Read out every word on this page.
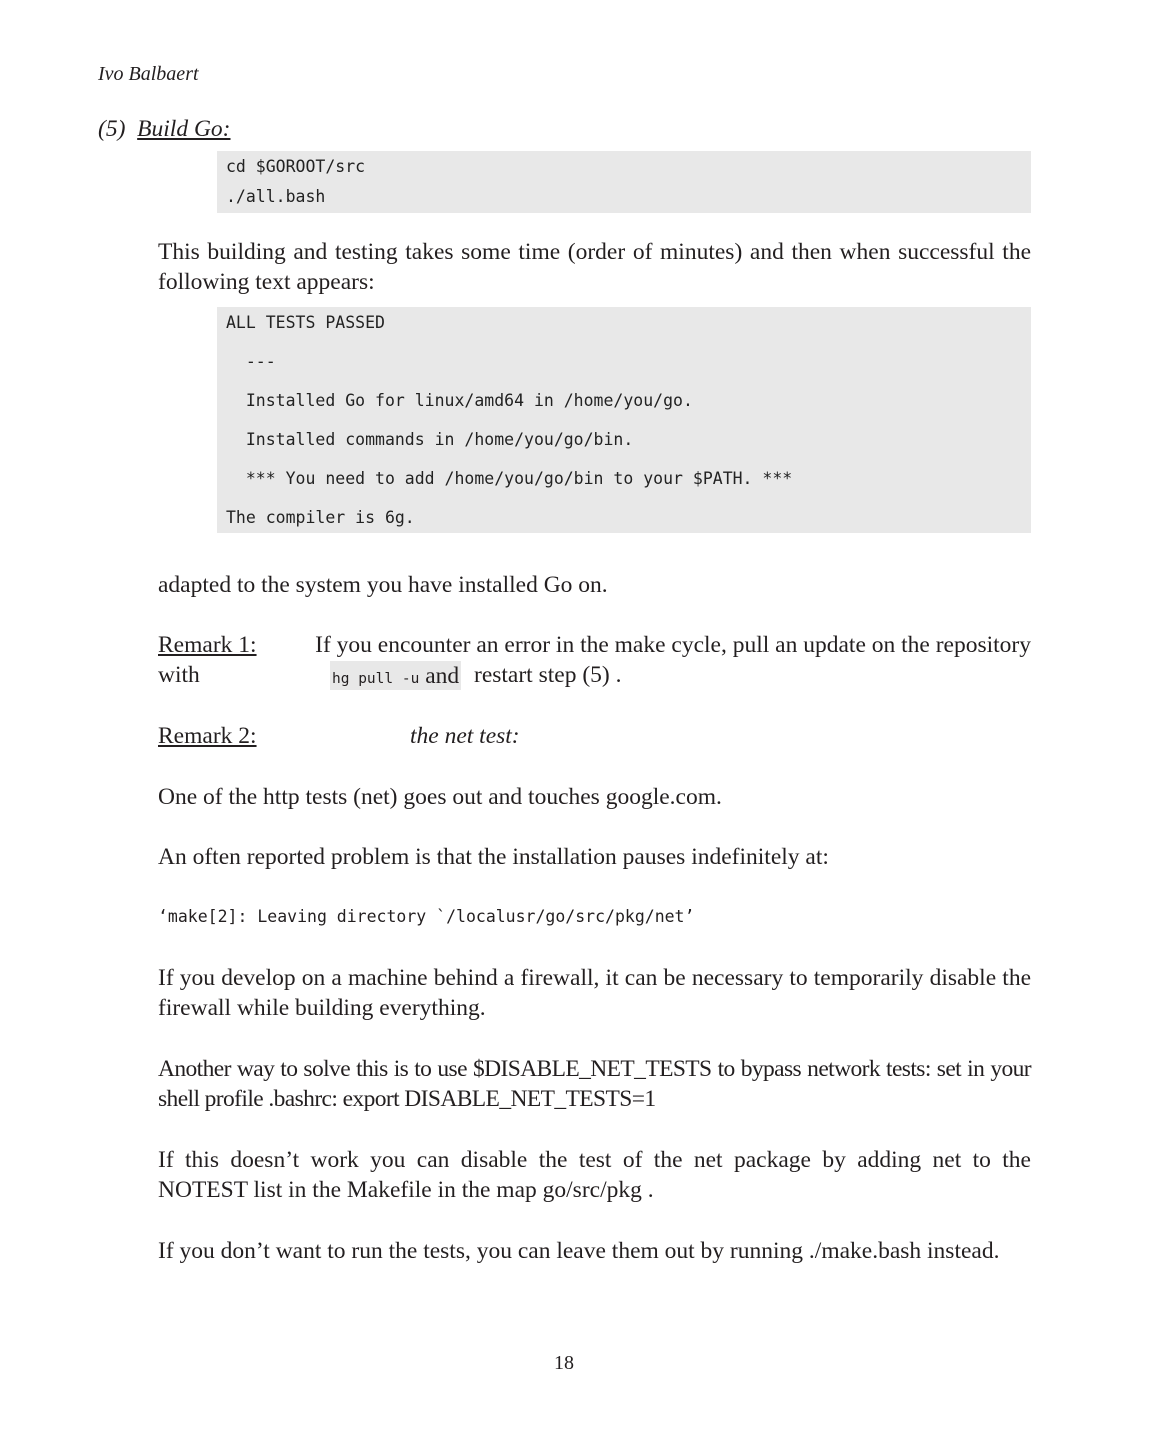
Ivo Balbaert
(5) Build Go:
cd $GOROOT/src
./all.bash
This building and testing takes some time (order of minutes) and then when successful the following text appears:
ALL TESTS PASSED
---
Installed Go for linux/amd64 in /home/you/go.
Installed commands in /home/you/go/bin.
*** You need to add /home/you/go/bin to your $PATH. ***
The compiler is 6g.
adapted to the system you have installed Go on.
Remark 1: If you encounter an error in the make cycle, pull an update on the repository
with	hg pull -u and restart step (5) .
Remark 2:	the net test:
One of the http tests (net) goes out and touches google.com.
An often reported problem is that the installation pauses indefinitely at:
‘make[2]: Leaving directory `/localusr/go/src/pkg/net’
If you develop on a machine behind a firewall, it can be necessary to temporarily disable the firewall while building everything.
Another way to solve this is to use $DISABLE_NET_TESTS to bypass network tests: set in your shell profile .bashrc: export DISABLE_NET_TESTS=1
If this doesn’t work you can disable the test of the net package by adding net to the NOTEST list in the Makefile in the map go/src/pkg .
If you don’t want to run the tests, you can leave them out by running ./make.bash instead.
18
